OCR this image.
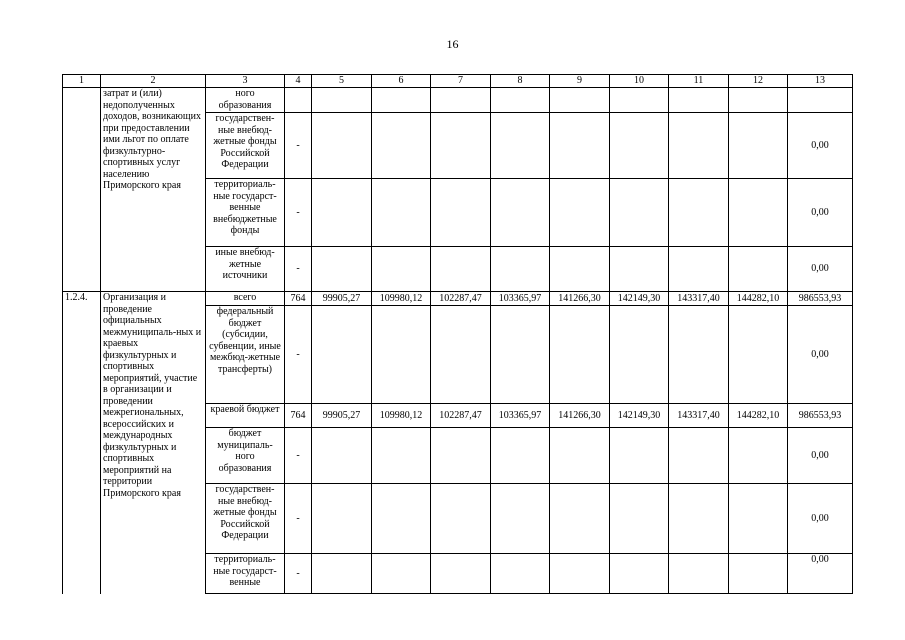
16
1	2	3	4	5	6	7	8	9	10	11	12	13
	затрат и (или) недополученных доходов, возникающих при предоставлении ими льгот по оплате физкультурно-спортивных услуг населению Приморского края	ного образования										
		государствен-ные внебюд-жетные фонды Российской Федерации	-									0,00
		территориаль-ные государст-венные внебюджетные фонды	-									0,00
		иные внебюд-жетные источники	-									0,00
1.2.4.	Организация и проведение официальных межмуниципаль-ных и краевых физкультурных и спортивных мероприятий, участие в организации и проведении межрегиональных, всероссийских и международных физкультурных и спортивных мероприятий на территории Приморского края	всего	764	99905,27	109980,12	102287,47	103365,97	141266,30	142149,30	143317,40	144282,10	986553,93
		федеральный бюджет (субсидии, субвенции, иные межбюд-жетные трансферты)	-									0,00
		краевой бюджет	764	99905,27	109980,12	102287,47	103365,97	141266,30	142149,30	143317,40	144282,10	986553,93
		бюджет муниципаль-ного образования	-									0,00
		государствен-ные внебюд-жетные фонды Российской Федерации	-									0,00
		территориаль-ные государст-венные	-									0,00
